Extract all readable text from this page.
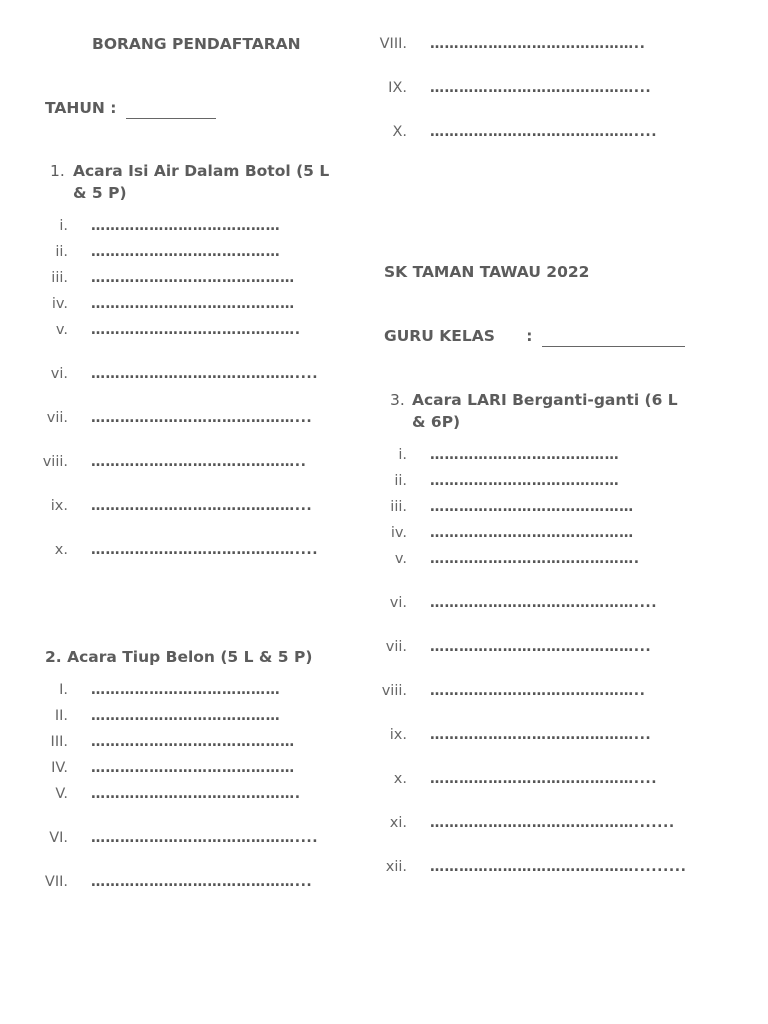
BORANG PENDAFTARAN
TAHUN :
1. Acara Isi Air Dalam Botol (5 L & 5 P)
i. …………………………………
ii. …………………………………
iii. ……………………………………
iv. ……………………………………
v. …………………………………….
vi. ……………………………………....
vii. ……………………………………...
viii. ……………………………………..
ix. ……………………………………...
x. ……………………………………....
2. Acara Tiup Belon (5 L & 5 P)
I. …………………………………
II. …………………………………
III. ……………………………………
IV. ……………………………………
V. …………………………………….
VI. ……………………………………....
VII. ……………………………………...
VIII. ……………………………………..
IX. ……………………………………...
X. ……………………………………....
SK TAMAN TAWAU 2022
GURU KELAS :
3. Acara LARI Berganti-ganti (6 L & 6P)
i. …………………………………
ii. …………………………………
iii. ……………………………………
iv. ……………………………………
v. …………………………………….
vi. ……………………………………....
vii. ……………………………………...
viii. ……………………………………..
ix. ……………………………………...
x. ……………………………………....
xi. …………………………………….......
xii. …………………………………….........
